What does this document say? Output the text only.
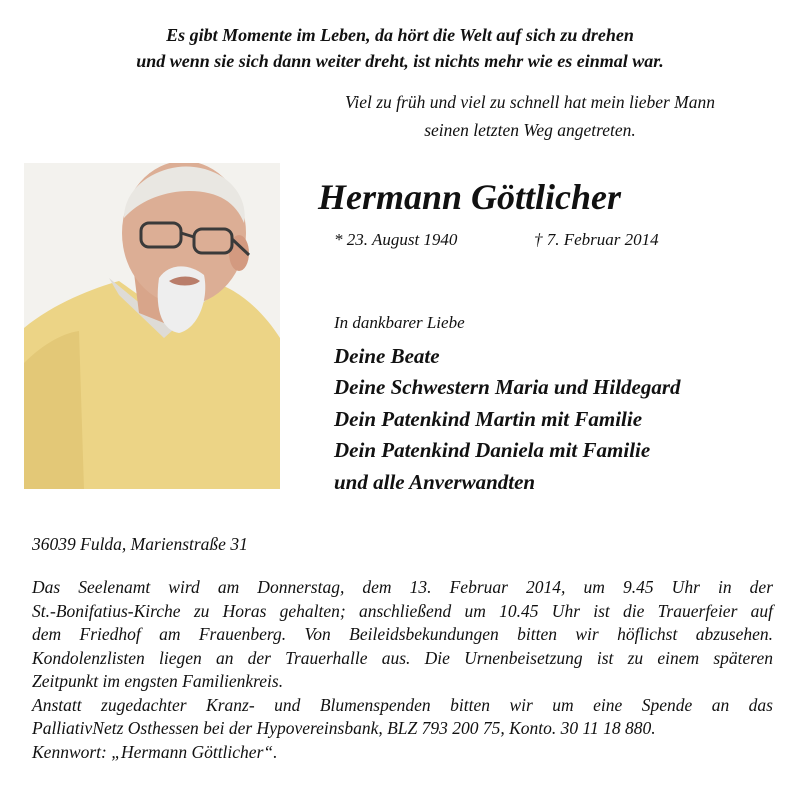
Es gibt Momente im Leben, da hört die Welt auf sich zu drehen
und wenn sie sich dann weiter dreht, ist nichts mehr wie es einmal war.
Viel zu früh und viel zu schnell hat mein lieber Mann
seinen letzten Weg angetreten.
Hermann Göttlicher
* 23. August 1940	† 7. Februar 2014
In dankbarer Liebe
Deine Beate
Deine Schwestern Maria und Hildegard
Dein Patenkind Martin mit Familie
Dein Patenkind Daniela mit Familie
und alle Anverwandten
36039 Fulda, Marienstraße 31
Das Seelenamt wird am Donnerstag, dem 13. Februar 2014, um 9.45 Uhr in der
St.-Bonifatius-Kirche zu Horas gehalten; anschließend um 10.45 Uhr ist die Trauerfeier auf
dem Friedhof am Frauenberg. Von Beileidsbekundungen bitten wir höflichst abzusehen.
Kondolenzlisten liegen an der Trauerhalle aus. Die Urnenbeisetzung ist zu einem späteren
Zeitpunkt im engsten Familienkreis.
Anstatt zugedachter Kranz- und Blumenspenden bitten wir um eine Spende an das
PalliativNetz Osthessen bei der Hypovereinsbank, BLZ 793 200 75, Konto. 30 11 18 880.
Kennwort: „Hermann Göttlicher“.
